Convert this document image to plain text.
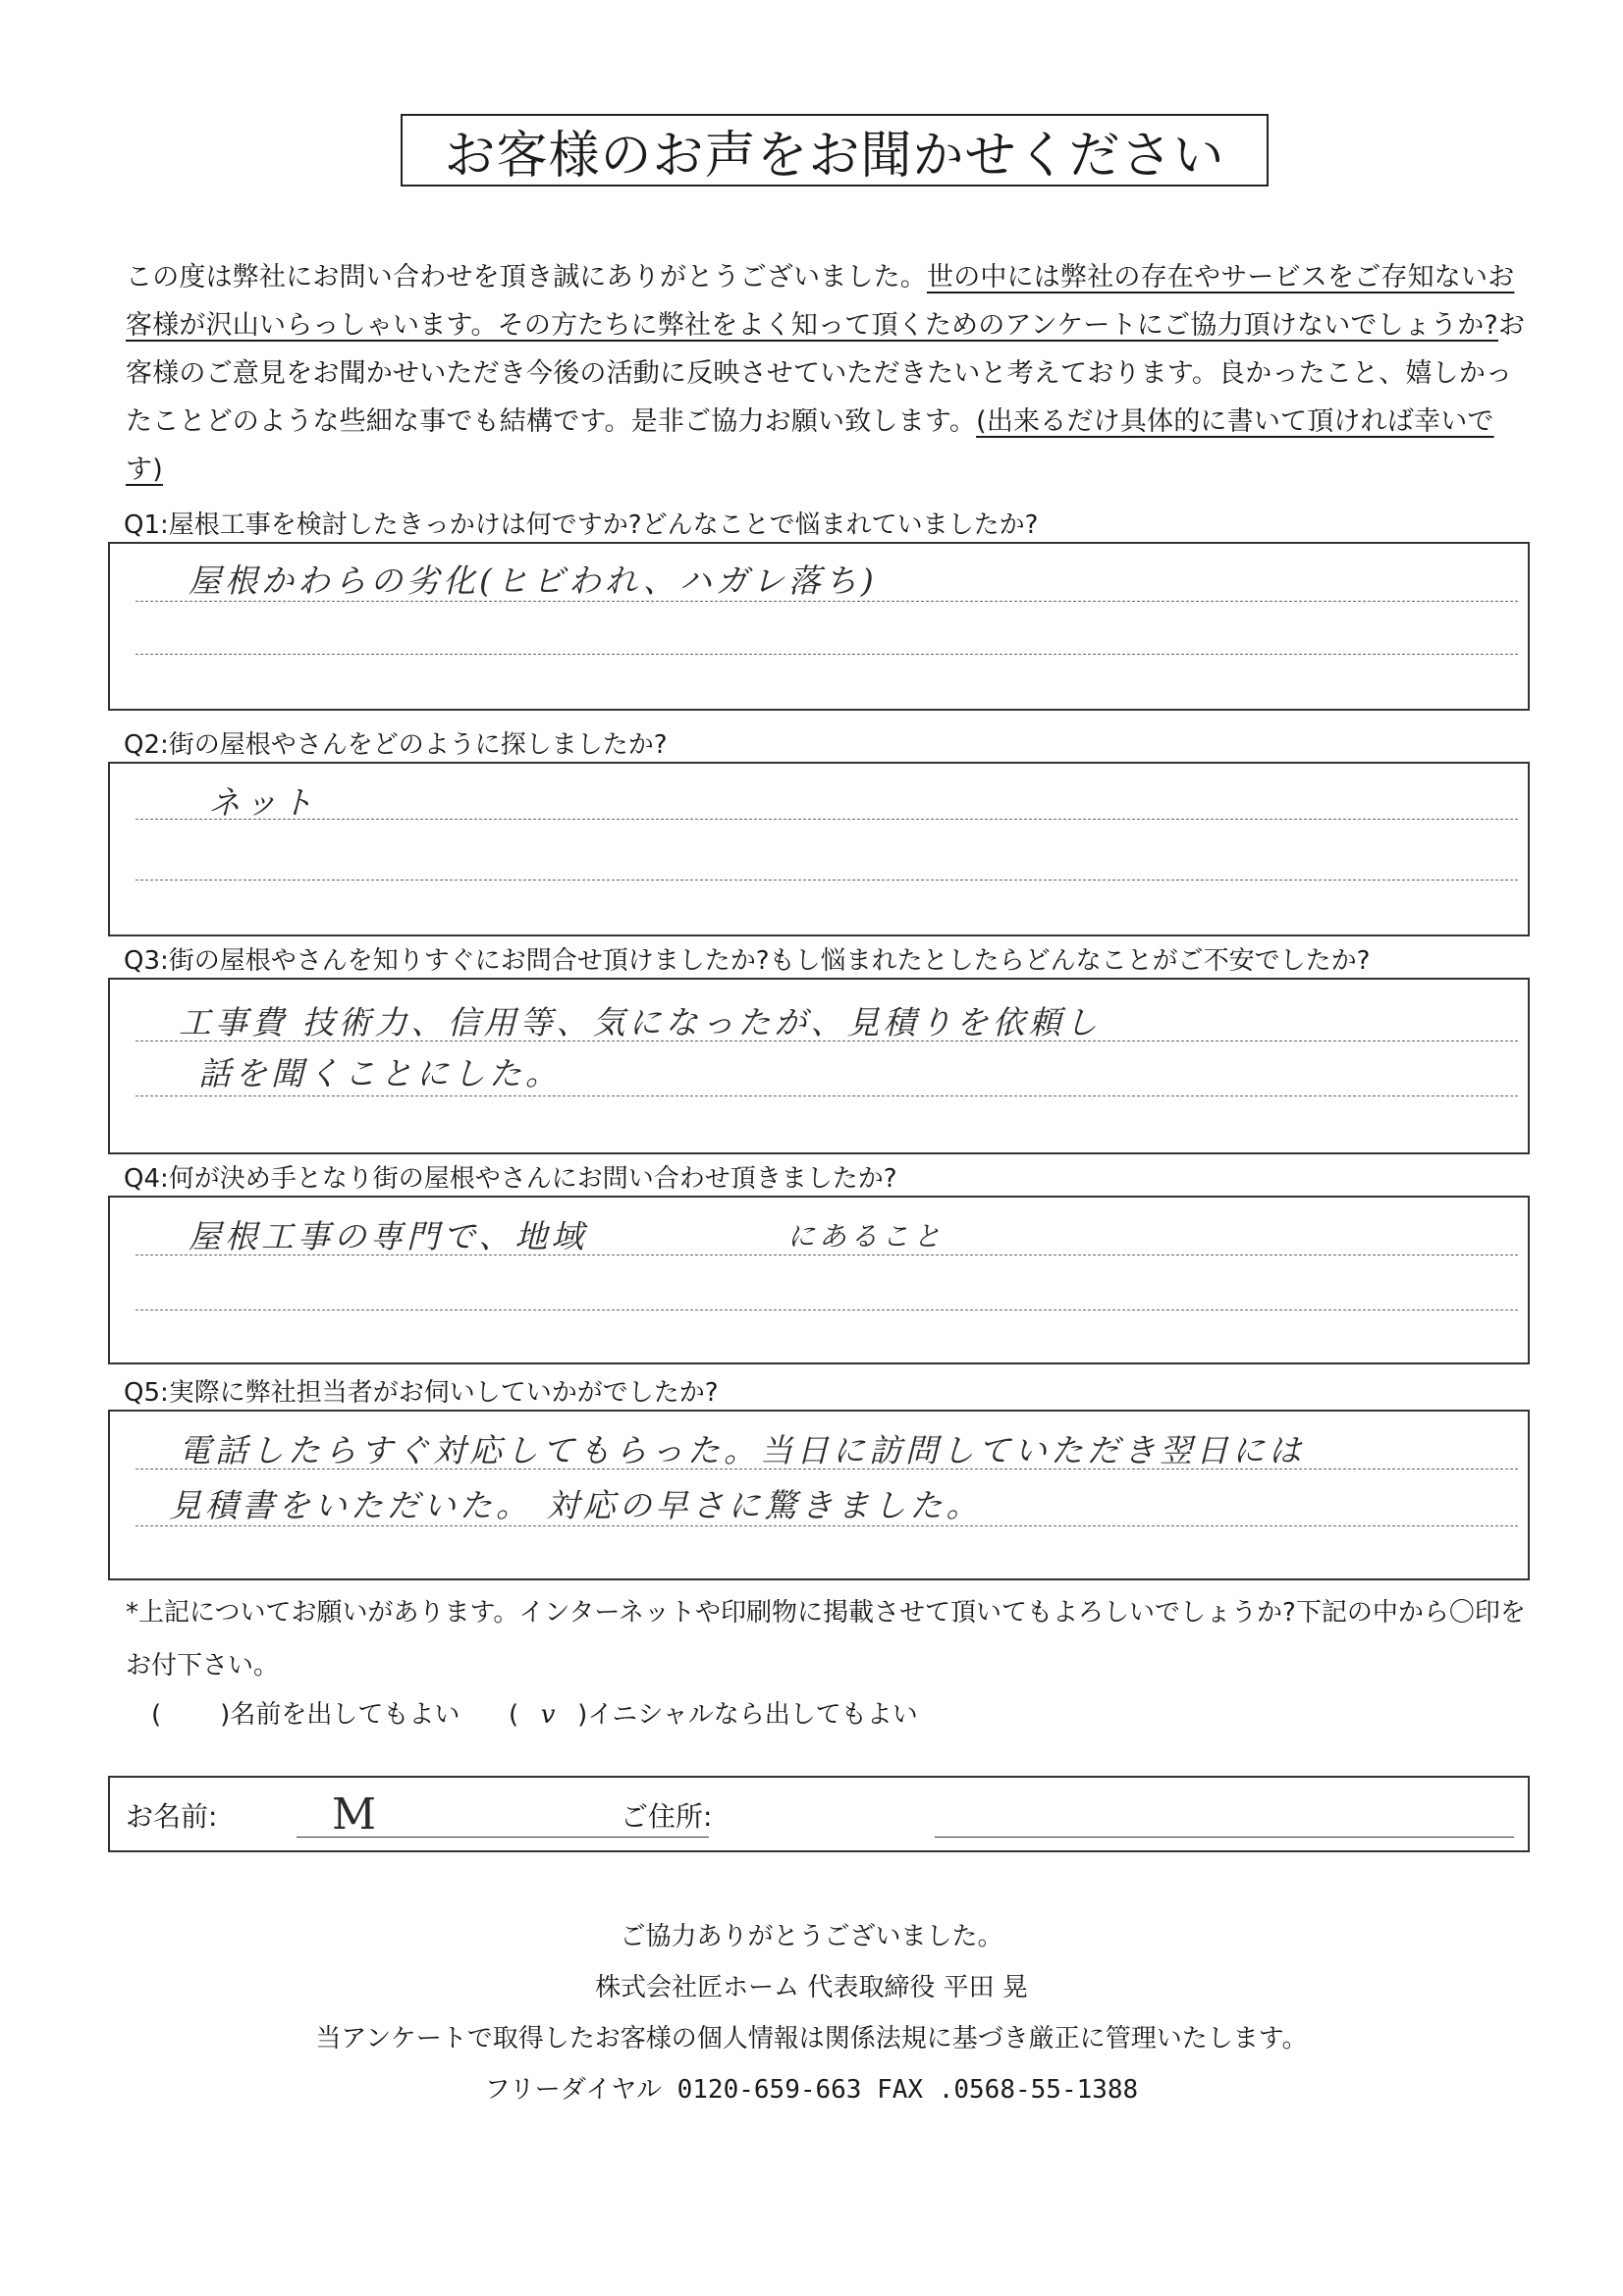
お客様のお声をお聞かせください
この度は弊社にお問い合わせを頂き誠にありがとうございました。世の中には弊社の存在やサービスをご存知ないお客様が沢山いらっしゃいます。その方たちに弊社をよく知って頂くためのアンケートにご協力頂けないでしょうか?お客様のご意見をお聞かせいただき今後の活動に反映させていただきたいと考えております。良かったこと、嬉しかったことどのような些細な事でも結構です。是非ご協力お願い致します。(出来るだけ具体的に書いて頂ければ幸いです)
Q1:屋根工事を検討したきっかけは何ですか?どんなことで悩まれていましたか?
屋根かわらの劣化(ヒビわれ、ハガレ落ち)
Q2:街の屋根やさんをどのように探しましたか?
ネット
Q3:街の屋根やさんを知りすぐにお問合せ頂けましたか?もし悩まれたとしたらどんなことがご不安でしたか?
工事費 技術力、信用等、気になったが、見積りを依頼し
話を聞くことにした。
Q4:何が決め手となり街の屋根やさんにお問い合わせ頂きましたか?
屋根工事の専門で、地域	にあること
Q5:実際に弊社担当者がお伺いしていかがでしたか?
電話したらすぐ対応してもらった。当日に訪問していただき翌日には
見積書をいただいた。 対応の早さに驚きました。
*上記についてお願いがあります。インターネットや印刷物に掲載させて頂いてもよろしいでしょうか?下記の中から〇印を
お付下さい。
( )名前を出してもよい ( v )イニシャルなら出してもよい
お名前:	M	ご住所:
ご協力ありがとうございました。
株式会社匠ホーム 代表取締役 平田 晃
当アンケートで取得したお客様の個人情報は関係法規に基づき厳正に管理いたします。
フリーダイヤル 0120-659-663 FAX .0568-55-1388
